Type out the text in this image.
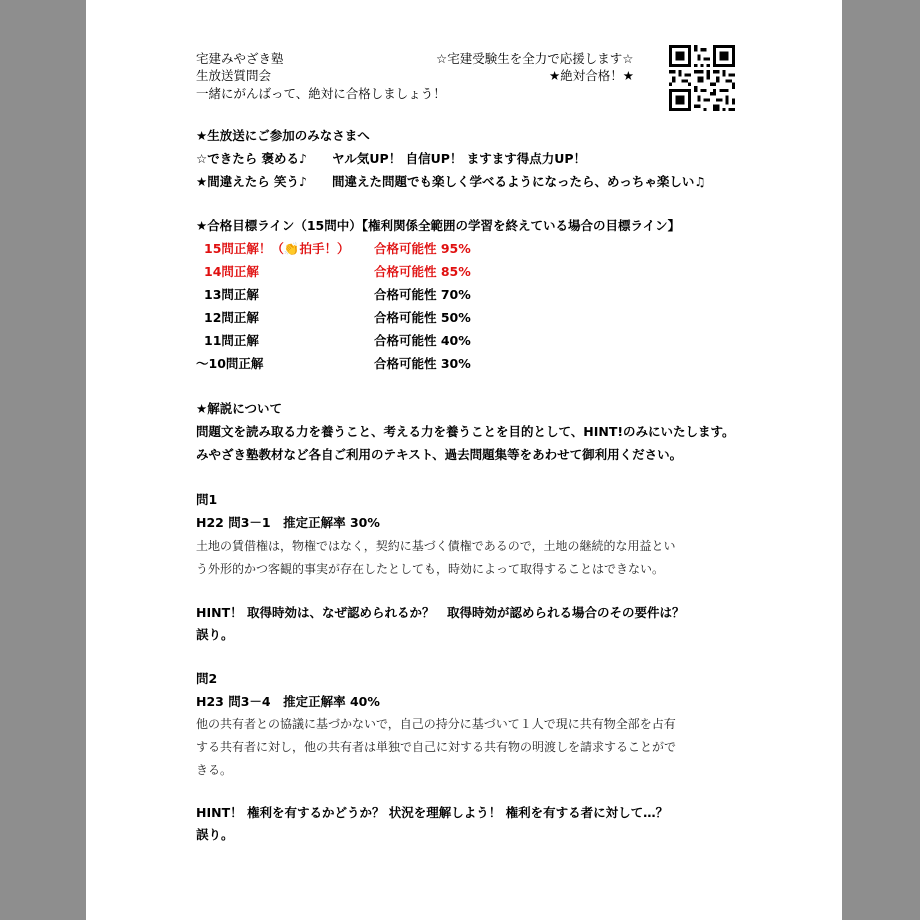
宅建みやざき塾	☆宅建受験生を全力で応援します☆
生放送質問会	★絶対合格！★
一緒にがんばって、絶対に合格しましょう！
★生放送にご参加のみなさまへ
☆できたら 褒める♪　　ヤル気UP！ 自信UP！ ますます得点力UP！
★間違えたら 笑う♪　　間違えた問題でも楽しく学べるようになったら、めっちゃ楽しい♫
★合格目標ライン（15問中）【権利関係全範囲の学習を終えている場合の目標ライン】
15問正解！（👏拍手！） 合格可能性 95%
14問正解	合格可能性 85%
13問正解	合格可能性 70%
12問正解	合格可能性 50%
11問正解	合格可能性 40%
～10問正解	合格可能性 30%
★解説について
問題文を読み取る力を養うこと、考える力を養うことを目的として、HINT!のみにいたします。
みやざき塾教材など各自ご利用のテキスト、過去問題集等をあわせて御利用ください。
問1
H22 問3－1　推定正解率 30%
土地の賃借権は，物権ではなく，契約に基づく債権であるので，土地の継続的な用益とい
う外形的かつ客観的事実が存在したとしても，時効によって取得することはできない。
HINT！ 取得時効は、なぜ認められるか？　取得時効が認められる場合のその要件は？
誤り。
問2
H23 問3－4　推定正解率 40%
他の共有者との協議に基づかないで，自己の持分に基づいて１人で現に共有物全部を占有
する共有者に対し，他の共有者は単独で自己に対する共有物の明渡しを請求することがで
きる。
HINT！ 権利を有するかどうか？ 状況を理解しよう！ 権利を有する者に対して…？
誤り。
